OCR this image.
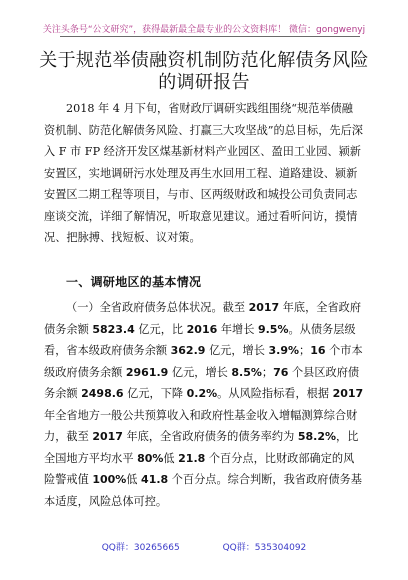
关注头条号“公文研究”，获得最新最全最专业的公文资料库！ 微信：gongwenyj
关于规范举债融资机制防范化解债务风险
的调研报告
2018 年 4 月下旬，省财政厅调研实践组围绕“规范举债融资机制、防范化解债务风险、打赢三大攻坚战”的总目标，先后深入 F 市 FP 经济开发区煤基新材料产业园区、盈田工业园、颍新安置区，实地调研污水处理及再生水回用工程、道路建设、颍新安置区二期工程等项目，与市、区两级财政和城投公司负责同志座谈交流，详细了解情况，听取意见建议。通过看听问访，摸情况、把脉搏、找短板、议对策。
一、调研地区的基本情况
（一）全省政府债务总体状况。截至 2017 年底，全省政府债务余额 5823.4 亿元，比 2016 年增长 9.5%。从债务层级看，省本级政府债务余额 362.9 亿元，增长 3.9%；16 个市本级政府债务余额 2961.9 亿元，增长 8.5%；76 个县区政府债务余额 2498.6 亿元，下降 0.2%。从风险指标看，根据 2017 年全省地方一般公共预算收入和政府性基金收入增幅测算综合财力，截至 2017 年底，全省政府债务的债务率约为 58.2%，比全国地方平均水平 80%低 21.8 个百分点，比财政部确定的风险警戒值 100%低 41.8 个百分点。综合判断，我省政府债务基本适度，风险总体可控。
QQ群：30265665	QQ群：535304092
